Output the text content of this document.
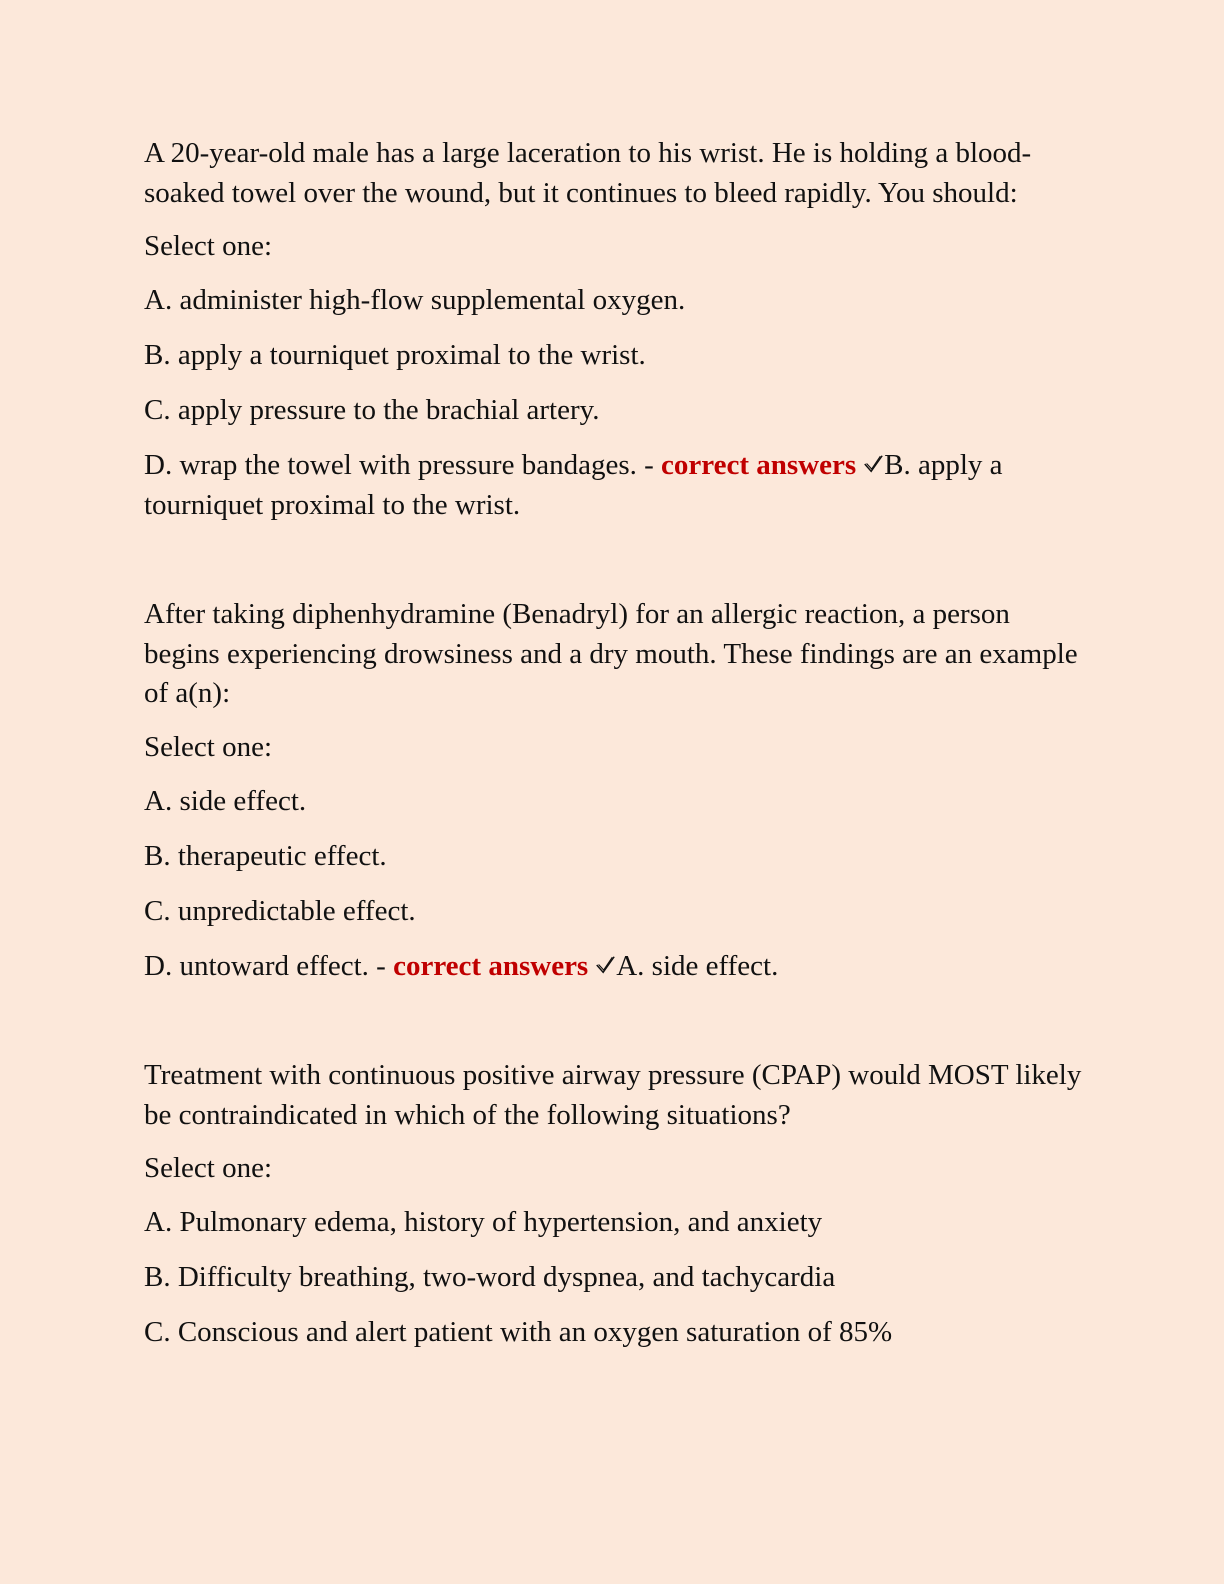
A 20-year-old male has a large laceration to his wrist. He is holding a blood-soaked towel over the wound, but it continues to bleed rapidly. You should:

Select one:

A. administer high-flow supplemental oxygen.

B. apply a tourniquet proximal to the wrist.

C. apply pressure to the brachial artery.

D. wrap the towel with pressure bandages. - correct answers B. apply a tourniquet proximal to the wrist.

After taking diphenhydramine (Benadryl) for an allergic reaction, a person begins experiencing drowsiness and a dry mouth. These findings are an example of a(n):

Select one:

A. side effect.

B. therapeutic effect.

C. unpredictable effect.

D. untoward effect. - correct answers A. side effect.

Treatment with continuous positive airway pressure (CPAP) would MOST likely be contraindicated in which of the following situations?

Select one:

A. Pulmonary edema, history of hypertension, and anxiety

B. Difficulty breathing, two-word dyspnea, and tachycardia

C. Conscious and alert patient with an oxygen saturation of 85%
